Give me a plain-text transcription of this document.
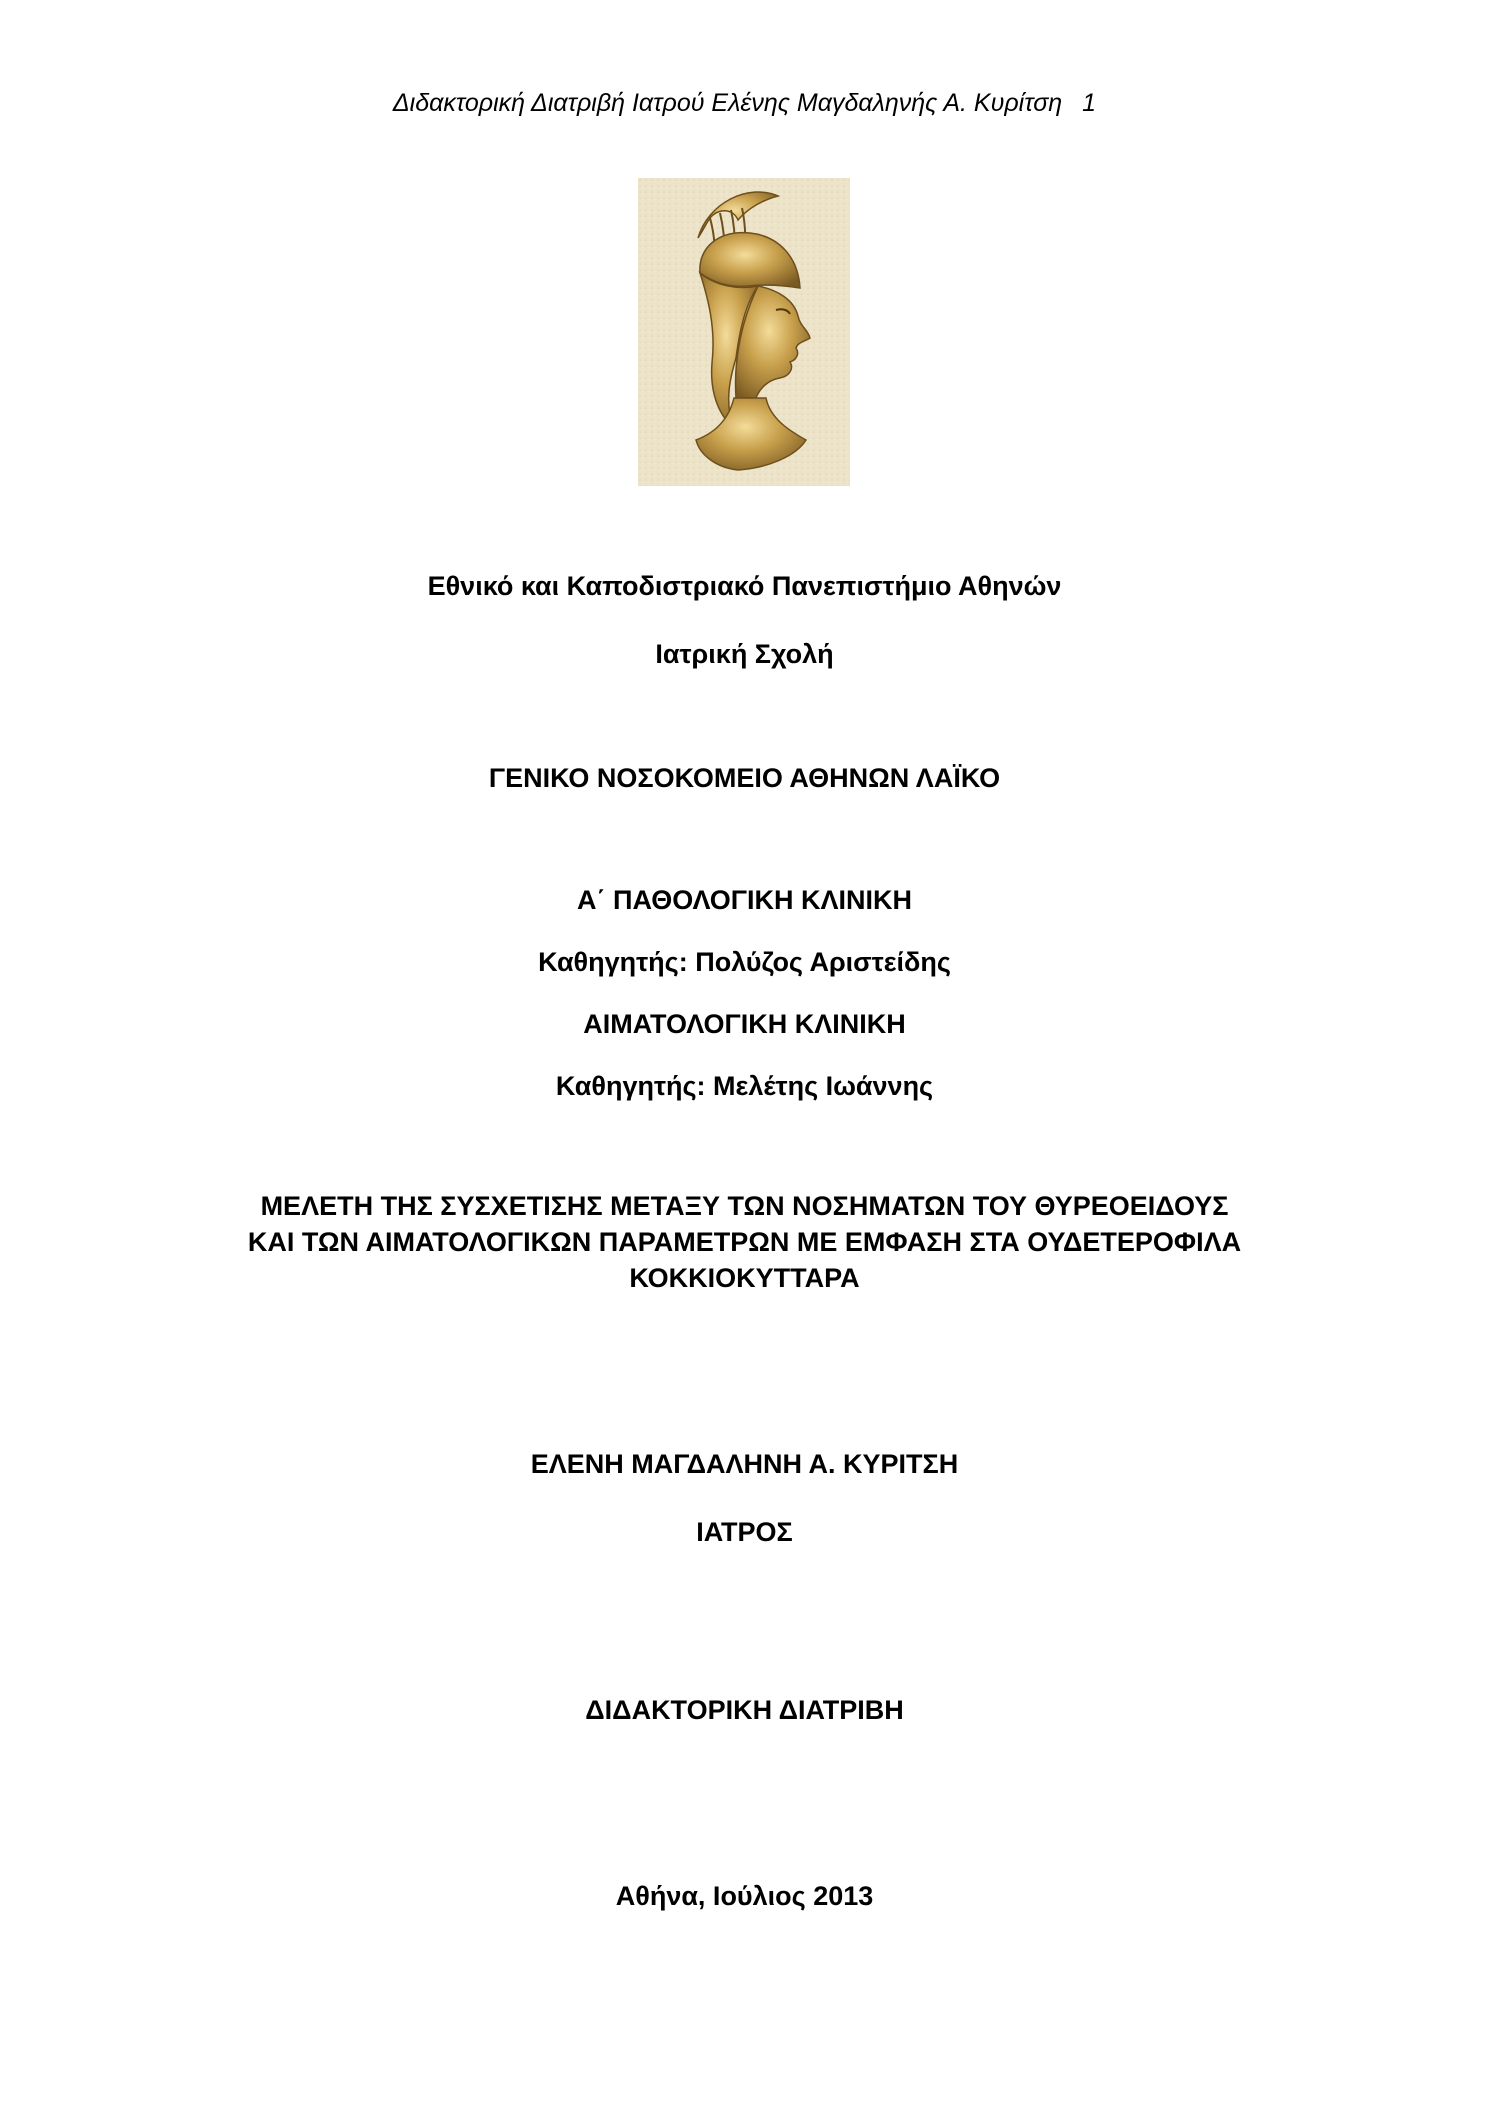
Διδακτορική Διατριβή Ιατρού Ελένης Μαγδαληνής Α. Κυρίτση 1
Εθνικό και Καποδιστριακό Πανεπιστήμιο Αθηνών
Ιατρική Σχολή
ΓΕΝΙΚΟ ΝΟΣΟΚΟΜΕΙΟ ΑΘΗΝΩΝ ΛΑΪΚΟ
Α΄ ΠΑΘΟΛΟΓΙΚΗ ΚΛΙΝΙΚΗ
Καθηγητής: Πολύζος Αριστείδης
ΑΙΜΑΤΟΛΟΓΙΚΗ ΚΛΙΝΙΚΗ
Καθηγητής: Μελέτης Ιωάννης
ΜΕΛΕΤΗ ΤΗΣ ΣΥΣΧΕΤΙΣΗΣ ΜΕΤΑΞΥ ΤΩΝ ΝΟΣΗΜΑΤΩΝ ΤΟΥ ΘΥΡΕΟΕΙΔΟΥΣ
ΚΑΙ ΤΩΝ ΑΙΜΑΤΟΛΟΓΙΚΩΝ ΠΑΡΑΜΕΤΡΩΝ ΜΕ ΕΜΦΑΣΗ ΣΤΑ ΟΥΔΕΤΕΡΟΦΙΛΑ
ΚΟΚΚΙΟΚΥΤΤΑΡΑ
ΕΛΕΝΗ ΜΑΓΔΑΛΗΝΗ Α. ΚΥΡΙΤΣΗ
ΙΑΤΡΟΣ
ΔΙΔΑΚΤΟΡΙΚΗ ΔΙΑΤΡΙΒΗ
Αθήνα, Ιούλιος 2013
